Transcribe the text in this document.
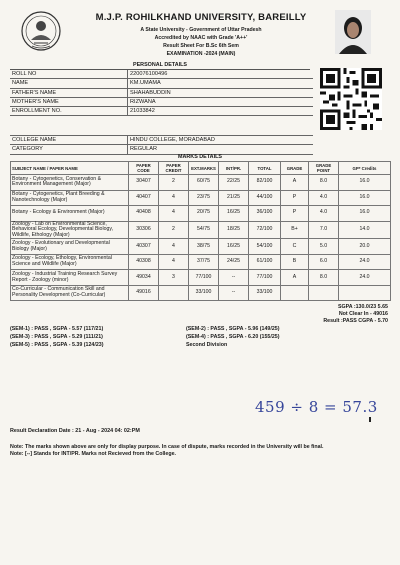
M.J.P. ROHILKHAND UNIVERSITY, BAREILLY
A State University - Government of Uttar Pradesh
Accredited by NAAC with Grade 'A++'
Result Sheet For B.Sc 6th Sem
EXAMINATION -2024 (MAIN)
PERSONAL DETAILS
ROLL NO	220076100496
NAME	KM.UMAMA
FATHER'S NAME	SHAHABUDDIN
MOTHER'S NAME	RIZWANA
ENROLLMENT NO.	21033842
COLLEGE NAME	HINDU COLLEGE, MORADABAD
CATEGORY	REGULAR
MARKS DETAILS
SUBJECT NAME / PAPER NAME	PAPER CODE	PAPER CREDIT	EXT.MARKS	INT/PR.	TOTAL	GRADE	GRADE POINT	GP* Credits
Botany - Cytogenetics, Conservation & Environment Management (Major)	30407	2	60/75	22/25	82/100	A	8.0	16.0
Botany - Cytogenetics, Plant Breeding & Nanotechnology (Major)	40407	4	23/75	21/25	44/100	P	4.0	16.0
Botany - Ecology & Environment (Major)	40408	4	20/75	16/25	36/100	P	4.0	16.0
Zoology - Lab on Environmental Science, Behavioral Ecology, Developmental Biology, Wildlife, Ethology (Major)	30306	2	54/75	18/25	72/100	B+	7.0	14.0
Zoology - Evolutionary and Developmental Biology (Major)	40307	4	38/75	16/25	54/100	C	5.0	20.0
Zoology - Ecology, Ethology, Environmental Science and Wildlife (Major)	40308	4	37/75	24/25	61/100	B	6.0	24.0
Zoology - Industrial Training Research Survey Report - Zoology (minor)	49034	3	77/100	--	77/100	A	8.0	24.0
Co-Curricular - Communication Skill and Personality Development (Co-Curricular)	49016		33/100	--	33/100			
SGPA :130.0/23 5.65
Not Clear In - 49016
Result :PASS CGPA - 5.70
(SEM-1) : PASS , SGPA - 5.57 (117/21)	(SEM-2) : PASS , SGPA - 5.96 (149/25)
(SEM-3) : PASS , SGPA - 5.29 (111/21)	(SEM-4) : PASS , SGPA - 6.20 (155/25)
(SEM-5) : PASS , SGPA - 5.39 (124/23)	Second Division
459 ÷ 8 = 57.3
Result Declaration Date : 21 - Aug - 2024 04: 02:PM
Note: The marks shown above are only for display purpose. In case of dispute, marks recorded in the University will be final.
Note: [--] Stands for INT/PR. Marks not Recieved from the College.
